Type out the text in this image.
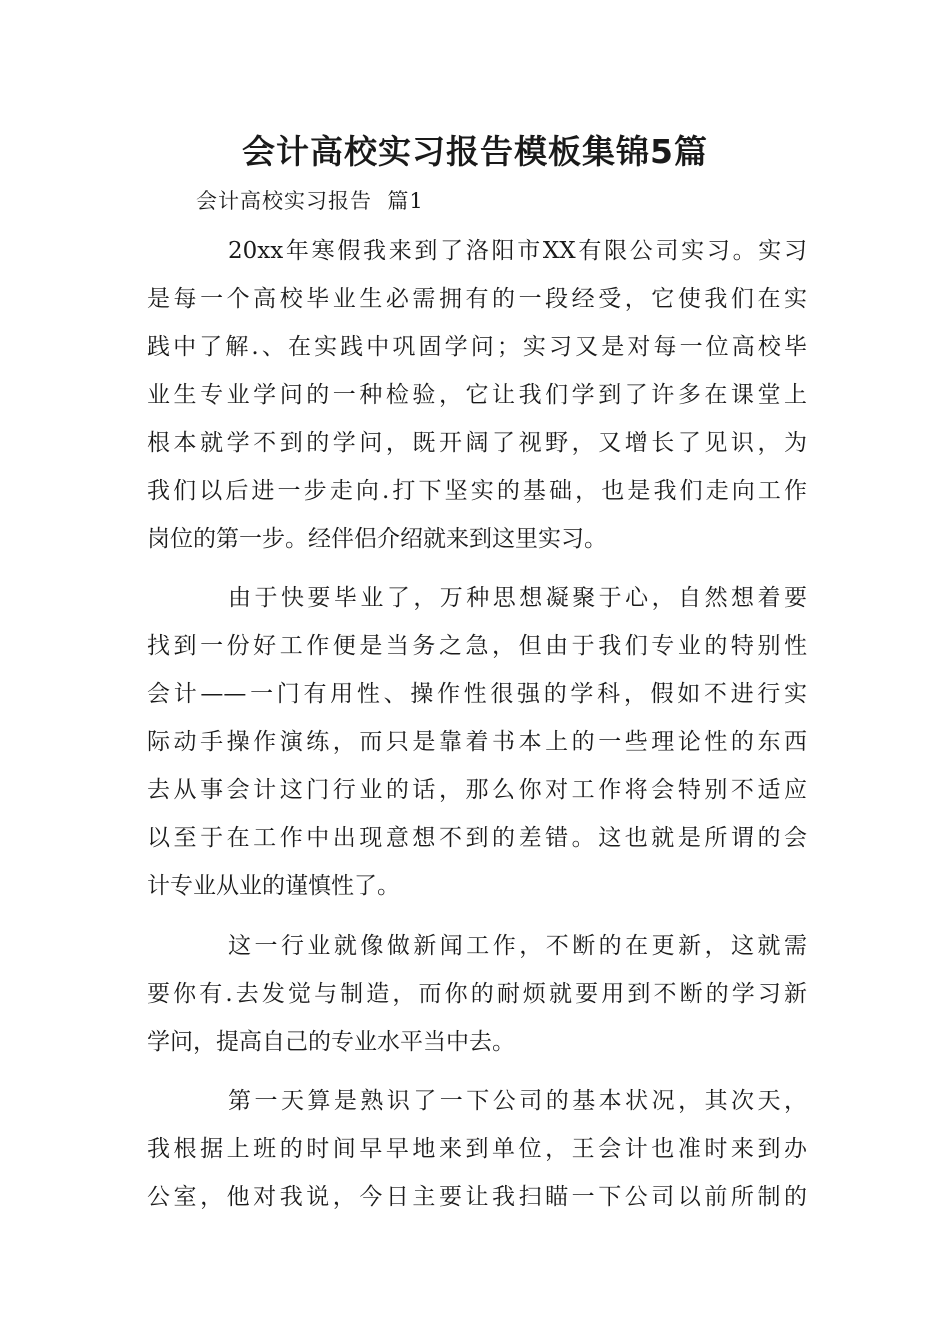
会计高校实习报告模板集锦5篇
会计高校实习报告  篇1
20xx年寒假我来到了洛阳市XX有限公司实习。实习
是每一个高校毕业生必需拥有的一段经受，它使我们在实
践中了解.、在实践中巩固学问；实习又是对每一位高校毕
业生专业学问的一种检验，它让我们学到了许多在课堂上
根本就学不到的学问，既开阔了视野，又增长了见识，为
我们以后进一步走向.打下坚实的基础，也是我们走向工作
岗位的第一步。经伴侣介绍就来到这里实习。
由于快要毕业了，万种思想凝聚于心，自然想着要
找到一份好工作便是当务之急，但由于我们专业的特别性
会计——一门有用性、操作性很强的学科，假如不进行实
际动手操作演练，而只是靠着书本上的一些理论性的东西
去从事会计这门行业的话，那么你对工作将会特别不适应
以至于在工作中出现意想不到的差错。这也就是所谓的会
计专业从业的谨慎性了。
这一行业就像做新闻工作，不断的在更新，这就需
要你有.去发觉与制造，而你的耐烦就要用到不断的学习新
学问，提高自己的专业水平当中去。
第一天算是熟识了一下公司的基本状况，其次天，
我根据上班的时间早早地来到单位，王会计也准时来到办
公室，他对我说，今日主要让我扫瞄一下公司以前所制的
